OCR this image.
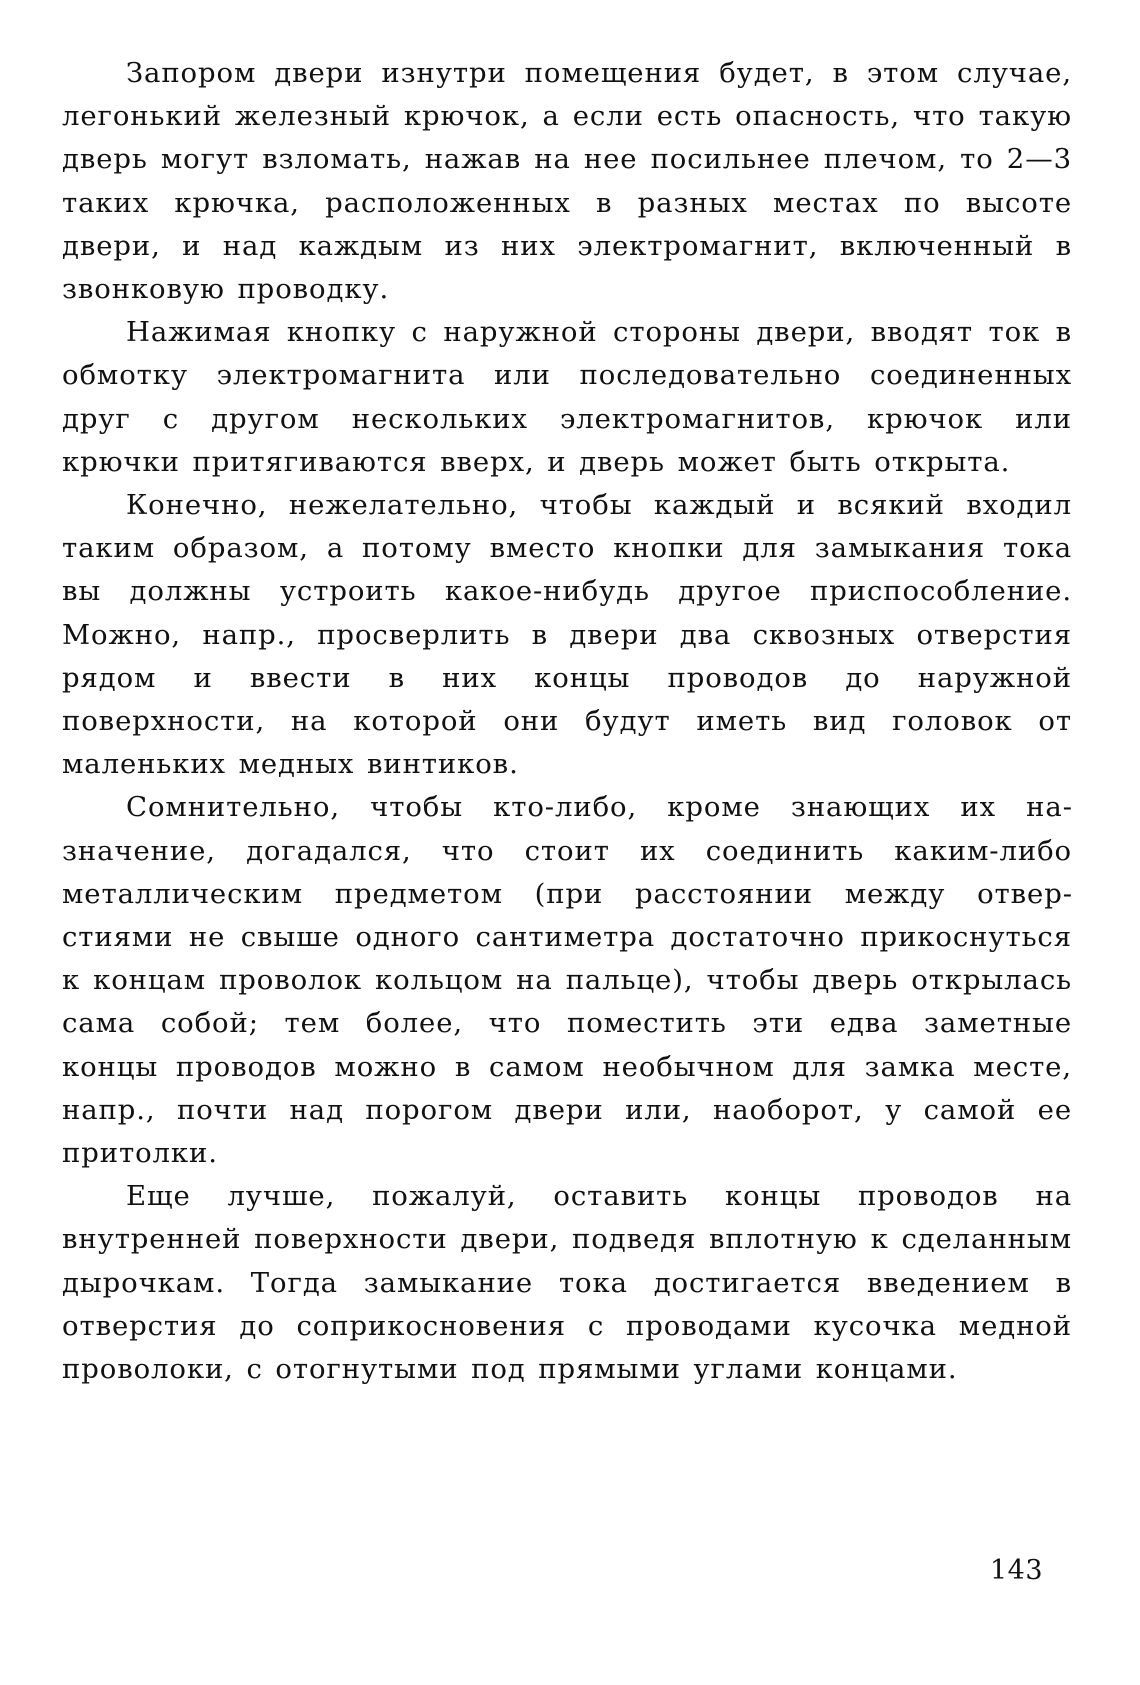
Запором двери изнутри помещения будет, в этом случае, легонький железный крючок, а если есть опасность, что такую дверь могут взломать, нажав на нее посильнее плечом, то 2—3 таких крючка, расположенных в разных местах по высоте двери, и над каждым из них электромагнит, включенный в звонковую проводку.

Нажимая кнопку с наружной стороны двери, вводят ток в обмотку электромагнита или последовательно соединенных друг с другом нескольких электромагнитов, крючок или крючки притягиваются вверх, и дверь может быть открыта.

Конечно, нежелательно, чтобы каждый и всякий входил таким образом, а потому вместо кнопки для замыкания тока вы должны устроить какое-нибудь другое приспособление. Можно, напр., просверлить в двери два сквозных отверстия рядом и ввести в них концы проводов до наружной поверхности, на которой они будут иметь вид головок от маленьких медных винтиков.

Сомнительно, чтобы кто-либо, кроме знающих их назначение, догадался, что стоит их соединить каким-либо металлическим предметом (при расстоянии между отверстиями не свыше одного сантиметра достаточно прикоснуться к концам проволок кольцом на пальце), чтобы дверь открылась сама собой; тем более, что поместить эти едва заметные концы проводов можно в самом необычном для замка месте, напр., почти над порогом двери или, наоборот, у самой ее притолки.

Еще лучше, пожалуй, оставить концы проводов на внутренней поверхности двери, подведя вплотную к сделанным дырочкам. Тогда замыкание тока достигается введением в отверстия до соприкосновения с проводами кусочка медной проволоки, с отогнутыми под прямыми углами концами.

143
